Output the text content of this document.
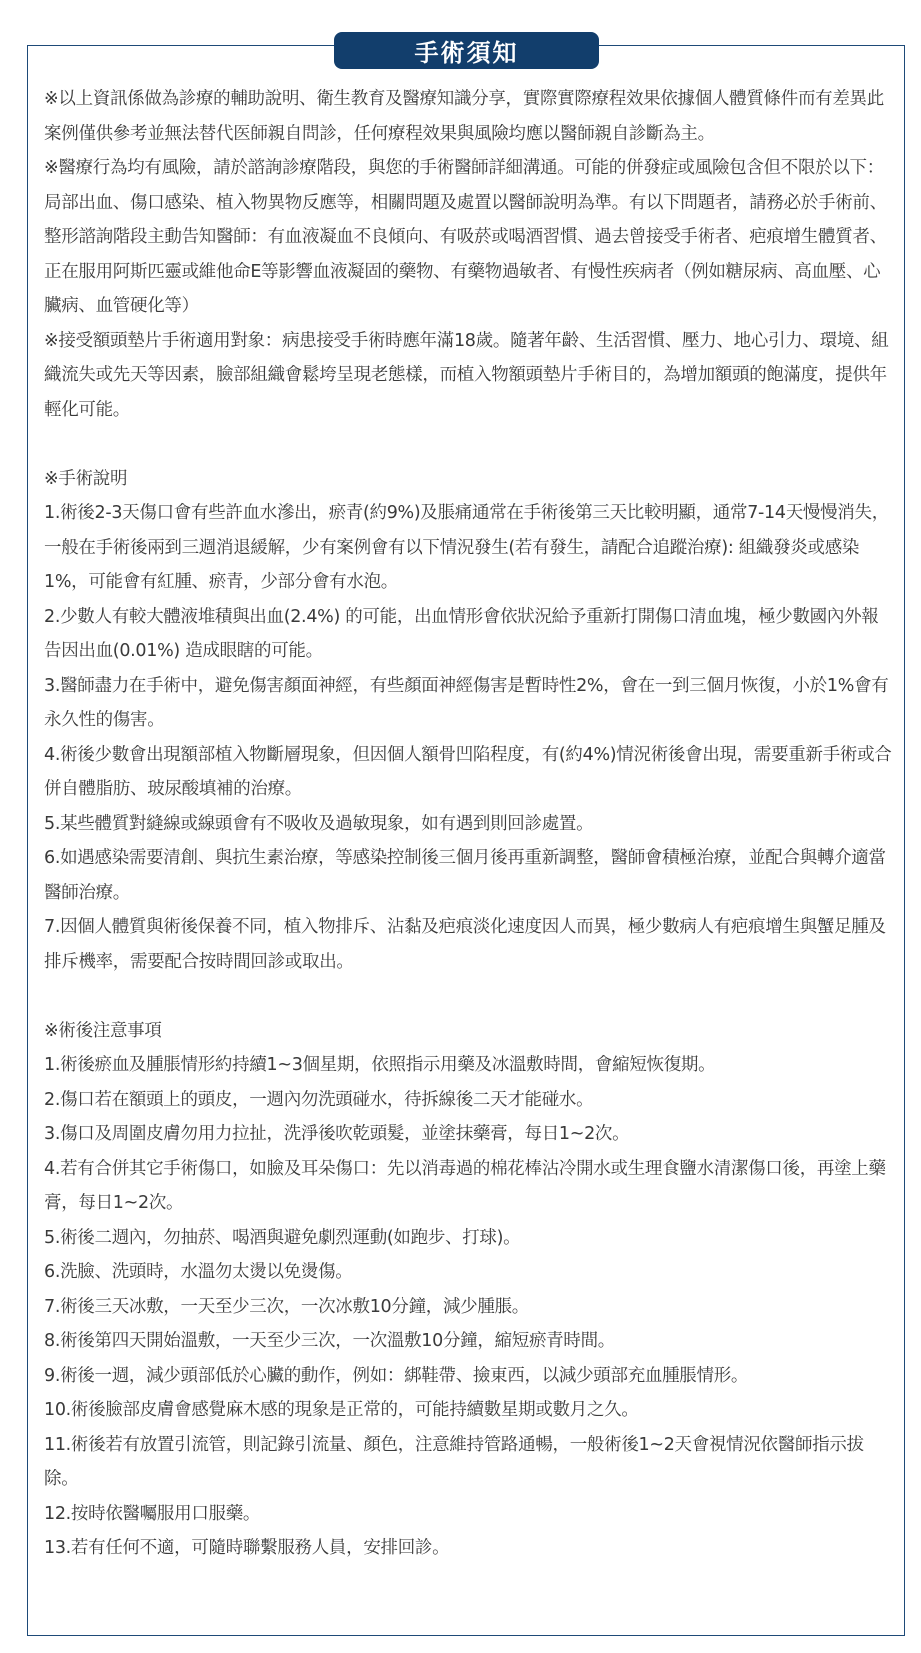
手術須知

※以上資訊係做為診療的輔助說明、衛生教育及醫療知識分享，實際實際療程效果依據個人體質條件而有差異此案例僅供參考並無法替代医師親自問診，任何療程效果與風險均應以醫師親自診斷為主。

※醫療行為均有風險，請於諮詢診療階段，與您的手術醫師詳細溝通。可能的併發症或風險包含但不限於以下：局部出血、傷口感染、植入物異物反應等，相關問題及處置以醫師說明為準。有以下問題者，請務必於手術前、整形諮詢階段主動告知醫師：有血液凝血不良傾向、有吸菸或喝酒習慣、過去曾接受手術者、疤痕增生體質者、正在服用阿斯匹靈或維他命E等影響血液凝固的藥物、有藥物過敏者、有慢性疾病者（例如糖尿病、高血壓、心臟病、血管硬化等）

※接受額頭墊片手術適用對象：病患接受手術時應年滿18歲。隨著年齡、生活習慣、壓力、地心引力、環境、組織流失或先天等因素，臉部組織會鬆垮呈現老態樣，而植入物額頭墊片手術目的，為增加額頭的飽滿度，提供年輕化可能。

※手術說明

1.術後2-3天傷口會有些許血水滲出，瘀青(約9%)及脹痛通常在手術後第三天比較明顯，通常7-14天慢慢消失，一般在手術後兩到三週消退緩解，少有案例會有以下情況發生(若有發生，請配合追蹤治療): 組織發炎或感染1%，可能會有紅腫、瘀青，少部分會有水泡。

2.少數人有較大體液堆積與出血(2.4%) 的可能，出血情形會依狀況給予重新打開傷口清血塊，極少數國內外報告因出血(0.01%) 造成眼瞎的可能。

3.醫師盡力在手術中，避免傷害顏面神經，有些顏面神經傷害是暫時性2%，會在一到三個月恢復，小於1%會有永久性的傷害。

4.術後少數會出現額部植入物斷層現象，但因個人額骨凹陷程度，有(約4%)情況術後會出現，需要重新手術或合併自體脂肪、玻尿酸填補的治療。

5.某些體質對縫線或線頭會有不吸收及過敏現象，如有遇到則回診處置。

6.如遇感染需要清創、與抗生素治療，等感染控制後三個月後再重新調整，醫師會積極治療，並配合與轉介適當醫師治療。

7.因個人體質與術後保養不同，植入物排斥、沾黏及疤痕淡化速度因人而異，極少數病人有疤痕增生與蟹足腫及排斥機率，需要配合按時間回診或取出。

※術後注意事項

1.術後瘀血及腫脹情形約持續1~3個星期，依照指示用藥及冰溫敷時間，會縮短恢復期。

2.傷口若在額頭上的頭皮，一週內勿洗頭碰水，待拆線後二天才能碰水。

3.傷口及周圍皮膚勿用力拉扯，洗淨後吹乾頭髮，並塗抹藥膏，每日1~2次。

4.若有合併其它手術傷口，如臉及耳朵傷口：先以消毒過的棉花棒沾冷開水或生理食鹽水清潔傷口後，再塗上藥膏，每日1~2次。

5.術後二週內，勿抽菸、喝酒與避免劇烈運動(如跑步、打球)。

6.洗臉、洗頭時，水溫勿太燙以免燙傷。

7.術後三天冰敷，一天至少三次，一次冰敷10分鐘，減少腫脹。

8.術後第四天開始溫敷，一天至少三次，一次溫敷10分鐘，縮短瘀青時間。

9.術後一週，減少頭部低於心臟的動作，例如：綁鞋帶、撿東西，以減少頭部充血腫脹情形。

10.術後臉部皮膚會感覺麻木感的現象是正常的，可能持續數星期或數月之久。

11.術後若有放置引流管，則記錄引流量、顏色，注意維持管路通暢，一般術後1~2天會視情況依醫師指示拔除。

12.按時依醫囑服用口服藥。

13.若有任何不適，可隨時聯繫服務人員，安排回診。
